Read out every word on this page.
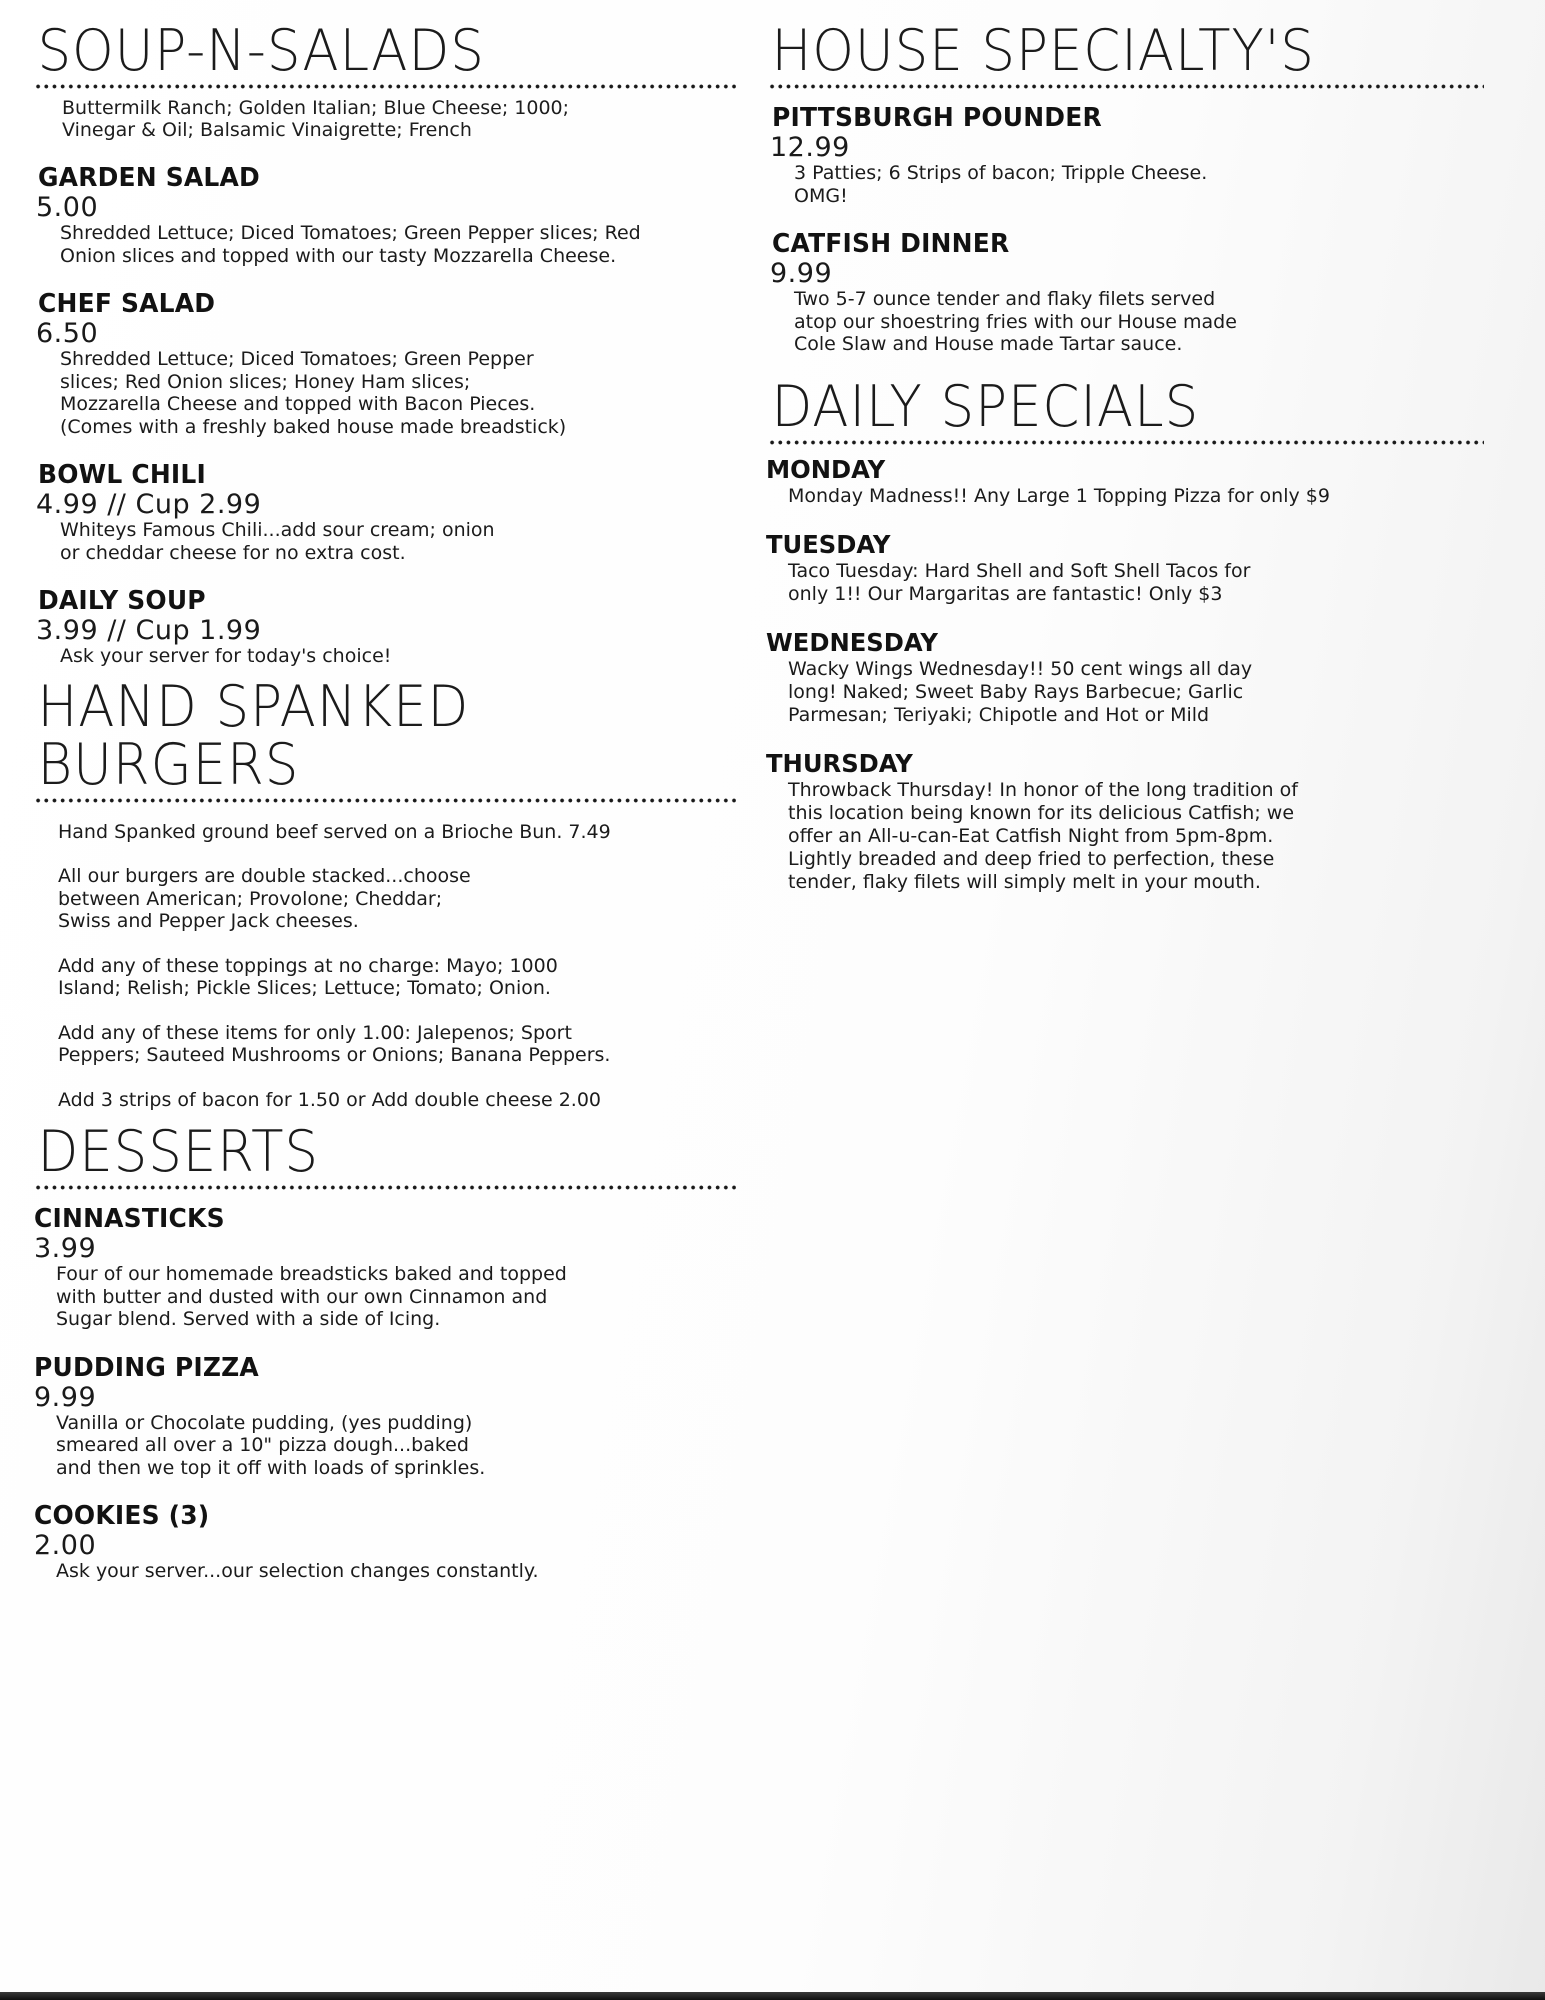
SOUP-N-SALADS
Buttermilk Ranch; Golden Italian; Blue Cheese; 1000; Vinegar & Oil; Balsamic Vinaigrette; French
GARDEN SALAD
5.00
Shredded Lettuce; Diced Tomatoes; Green Pepper slices; Red Onion slices and topped with our tasty Mozzarella Cheese.
CHEF SALAD
6.50
Shredded Lettuce; Diced Tomatoes; Green Pepper slices; Red Onion slices; Honey Ham slices; Mozzarella Cheese and topped with Bacon Pieces. (Comes with a freshly baked house made breadstick)
BOWL CHILI
4.99 // Cup 2.99
Whiteys Famous Chili...add sour cream; onion or cheddar cheese for no extra cost.
DAILY SOUP
3.99 // Cup 1.99
Ask your server for today's choice!
HAND SPANKED BURGERS
Hand Spanked ground beef served on a Brioche Bun. 7.49
All our burgers are double stacked...choose between American; Provolone; Cheddar; Swiss and Pepper Jack cheeses.
Add any of these toppings at no charge: Mayo; 1000 Island; Relish; Pickle Slices; Lettuce; Tomato; Onion.
Add any of these items for only 1.00: Jalepenos; Sport Peppers; Sauteed Mushrooms or Onions; Banana Peppers.
Add 3 strips of bacon for 1.50 or Add double cheese 2.00
DESSERTS
CINNASTICKS
3.99
Four of our homemade breadsticks baked and topped with butter and dusted with our own Cinnamon and Sugar blend. Served with a side of Icing.
PUDDING PIZZA
9.99
Vanilla or Chocolate pudding, (yes pudding) smeared all over a 10" pizza dough...baked and then we top it off with loads of sprinkles.
COOKIES (3)
2.00
Ask your server...our selection changes constantly.
HOUSE SPECIALTY'S
PITTSBURGH POUNDER
12.99
3 Patties; 6 Strips of bacon; Tripple Cheese. OMG!
CATFISH DINNER
9.99
Two 5-7 ounce tender and flaky filets served atop our shoestring fries with our House made Cole Slaw and House made Tartar sauce.
DAILY SPECIALS
MONDAY
Monday Madness!! Any Large 1 Topping Pizza for only $9
TUESDAY
Taco Tuesday: Hard Shell and Soft Shell Tacos for only 1!! Our Margaritas are fantastic! Only $3
WEDNESDAY
Wacky Wings Wednesday!! 50 cent wings all day long! Naked; Sweet Baby Rays Barbecue; Garlic Parmesan; Teriyaki; Chipotle and Hot or Mild
THURSDAY
Throwback Thursday! In honor of the long tradition of this location being known for its delicious Catfish; we offer an All-u-can-Eat Catfish Night from 5pm-8pm. Lightly breaded and deep fried to perfection, these tender, flaky filets will simply melt in your mouth.
